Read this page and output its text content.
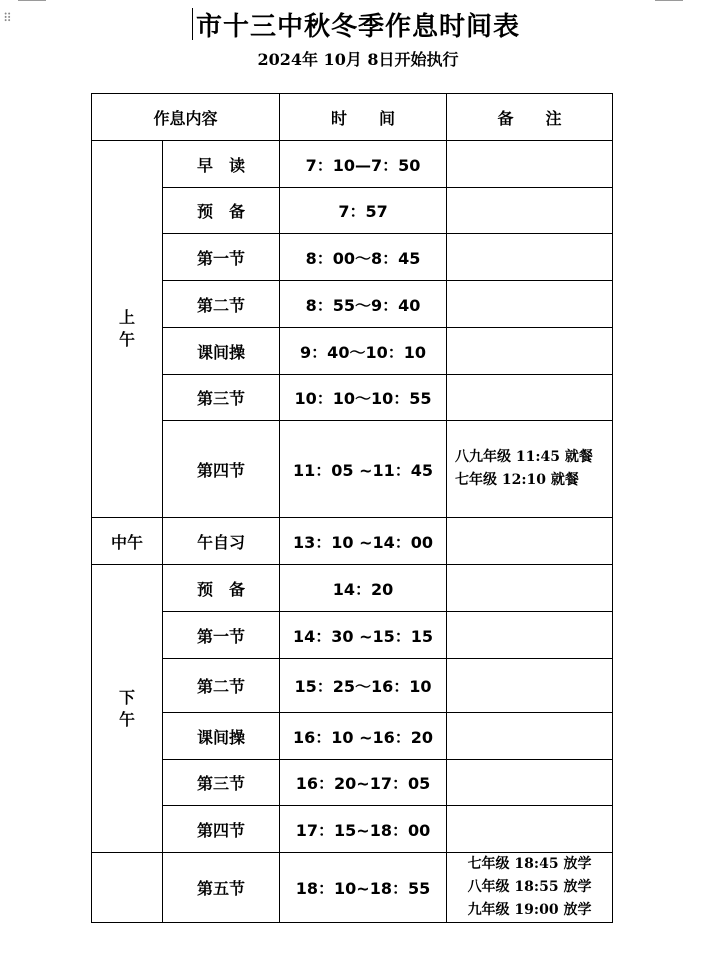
⠿	市十三中秋冬季作息时间表
2024年 10月 8日开始执行
作息内容		时　　间	备　　注
上午	早　读	7：10—7：50	
	预　备	7：57	
	第一节	8：00～8：45	
	第二节	8：55～9：40	
	课间操	9：40～10：10	
	第三节	10：10～10：55	
	第四节	11：05 ~11：45	八九年级 11:45 就餐
七年级 12:10 就餐

中午	午自习	13：10 ~14：00	
下午	预　备	14：20	
	第一节	14：30 ~15：15	
	第二节	15：25～16：10	
	课间操	16：10 ~16：20	
	第三节	16：20~17：05	
	第四节	17：15~18：00	
	第五节	18：10~18：55	七年级 18:45 放学
八年级 18:55 放学
九年级 19:00 放学
